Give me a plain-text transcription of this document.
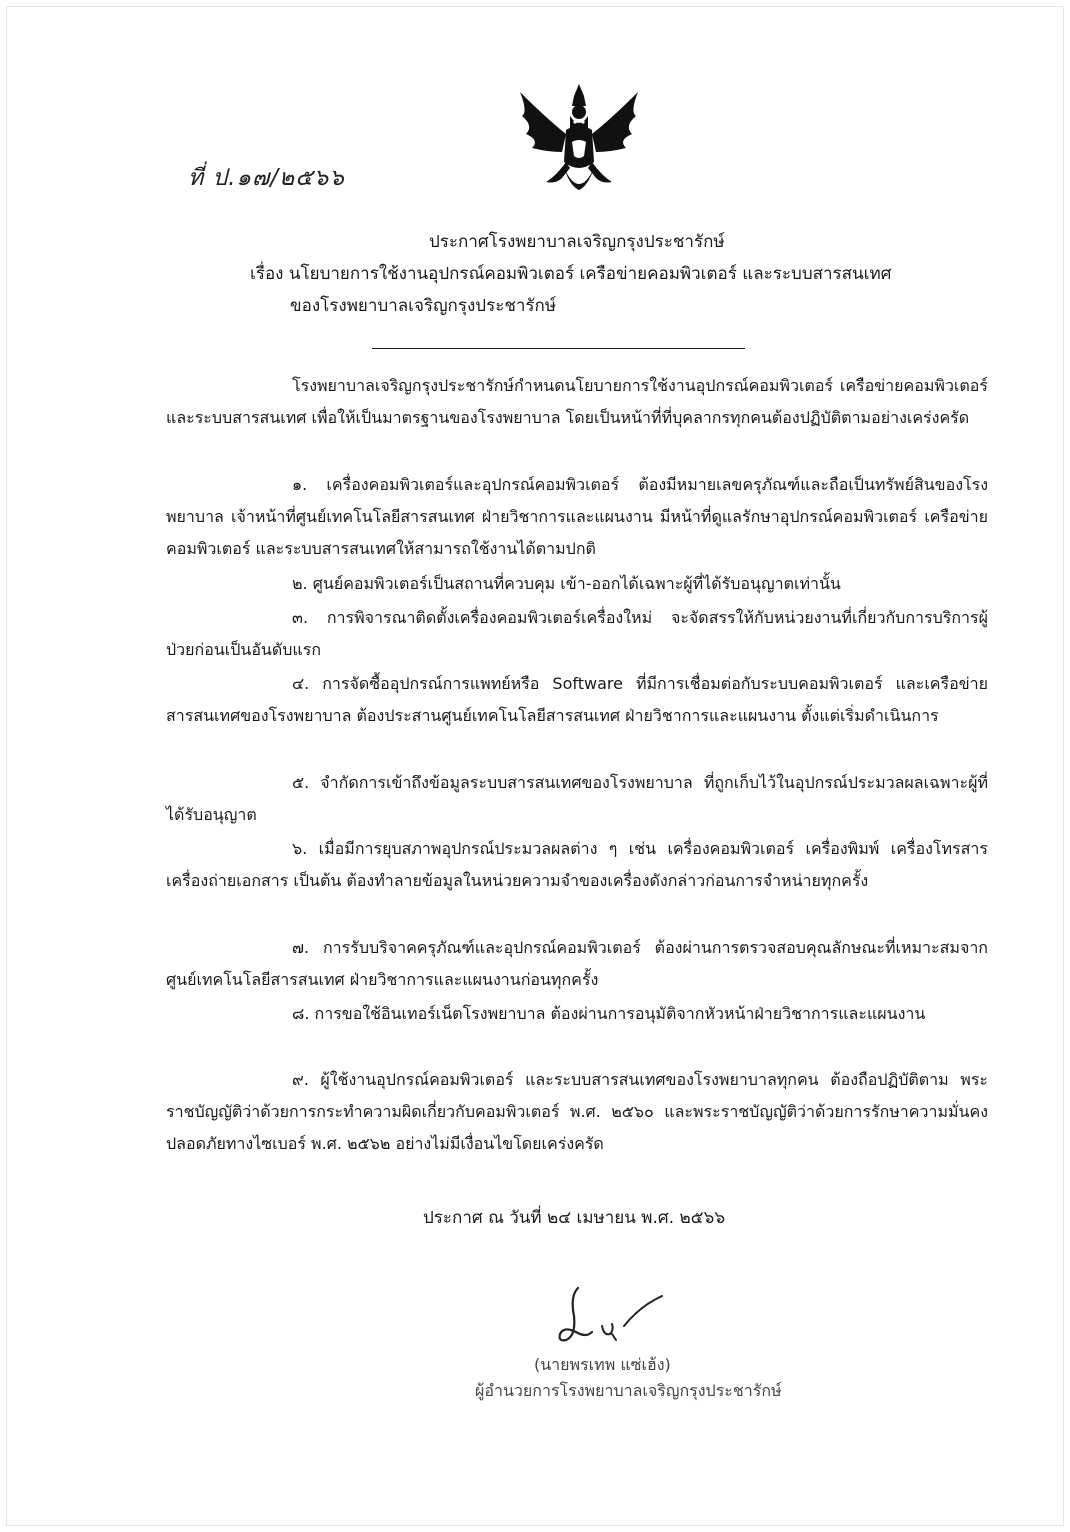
ที่ ป.๑๗/๒๕๖๖
ประกาศโรงพยาบาลเจริญกรุงประชารักษ์
เรื่อง นโยบายการใช้งานอุปกรณ์คอมพิวเตอร์ เครือข่ายคอมพิวเตอร์ และระบบสารสนเทศ
ของโรงพยาบาลเจริญกรุงประชารักษ์
โรงพยาบาลเจริญกรุงประชารักษ์กำหนดนโยบายการใช้งานอุปกรณ์คอมพิวเตอร์ เครือข่ายคอมพิวเตอร์และระบบสารสนเทศ เพื่อให้เป็นมาตรฐานของโรงพยาบาล โดยเป็นหน้าที่ที่บุคลากรทุกคนต้องปฏิบัติตามอย่างเคร่งครัด
๑. เครื่องคอมพิวเตอร์และอุปกรณ์คอมพิวเตอร์ ต้องมีหมายเลขครุภัณฑ์และถือเป็นทรัพย์สินของโรงพยาบาล เจ้าหน้าที่ศูนย์เทคโนโลยีสารสนเทศ ฝ่ายวิชาการและแผนงาน มีหน้าที่ดูแลรักษาอุปกรณ์คอมพิวเตอร์ เครือข่ายคอมพิวเตอร์ และระบบสารสนเทศให้สามารถใช้งานได้ตามปกติ
๒. ศูนย์คอมพิวเตอร์เป็นสถานที่ควบคุม เข้า-ออกได้เฉพาะผู้ที่ได้รับอนุญาตเท่านั้น
๓. การพิจารณาติดตั้งเครื่องคอมพิวเตอร์เครื่องใหม่ จะจัดสรรให้กับหน่วยงานที่เกี่ยวกับการบริการผู้ป่วยก่อนเป็นอันดับแรก
๔. การจัดซื้ออุปกรณ์การแพทย์หรือ Software ที่มีการเชื่อมต่อกับระบบคอมพิวเตอร์ และเครือข่ายสารสนเทศของโรงพยาบาล ต้องประสานศูนย์เทคโนโลยีสารสนเทศ ฝ่ายวิชาการและแผนงาน ตั้งแต่เริ่มดำเนินการ
๕. จำกัดการเข้าถึงข้อมูลระบบสารสนเทศของโรงพยาบาล ที่ถูกเก็บไว้ในอุปกรณ์ประมวลผลเฉพาะผู้ที่ได้รับอนุญาต
๖. เมื่อมีการยุบสภาพอุปกรณ์ประมวลผลต่าง ๆ เช่น เครื่องคอมพิวเตอร์ เครื่องพิมพ์ เครื่องโทรสาร เครื่องถ่ายเอกสาร เป็นต้น ต้องทำลายข้อมูลในหน่วยความจำของเครื่องดังกล่าวก่อนการจำหน่ายทุกครั้ง
๗. การรับบริจาคครุภัณฑ์และอุปกรณ์คอมพิวเตอร์ ต้องผ่านการตรวจสอบคุณลักษณะที่เหมาะสมจากศูนย์เทคโนโลยีสารสนเทศ ฝ่ายวิชาการและแผนงานก่อนทุกครั้ง
๘. การขอใช้อินเทอร์เน็ตโรงพยาบาล ต้องผ่านการอนุมัติจากหัวหน้าฝ่ายวิชาการและแผนงาน
๙. ผู้ใช้งานอุปกรณ์คอมพิวเตอร์ และระบบสารสนเทศของโรงพยาบาลทุกคน ต้องถือปฏิบัติตาม พระราชบัญญัติว่าด้วยการกระทำความผิดเกี่ยวกับคอมพิวเตอร์ พ.ศ. ๒๕๖๐ และพระราชบัญญัติว่าด้วยการรักษาความมั่นคงปลอดภัยทางไซเบอร์ พ.ศ. ๒๕๖๒ อย่างไม่มีเงื่อนไขโดยเคร่งครัด
ประกาศ ณ วันที่ ๒๔ เมษายน พ.ศ. ๒๕๖๖
(นายพรเทพ แซ่เฮ้ง)
ผู้อำนวยการโรงพยาบาลเจริญกรุงประชารักษ์
